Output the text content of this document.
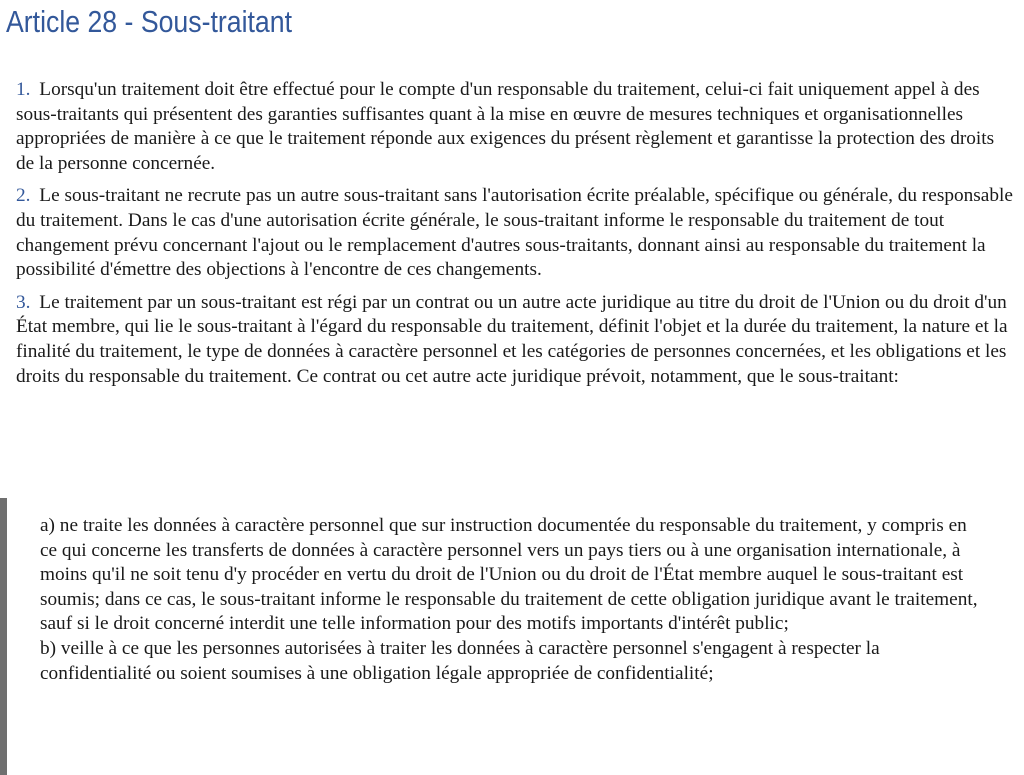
Article 28 - Sous-traitant

1. Lorsqu'un traitement doit être effectué pour le compte d'un responsable du traitement, celui-ci fait uniquement appel à des sous-traitants qui présentent des garanties suffisantes quant à la mise en œuvre de mesures techniques et organisationnelles appropriées de manière à ce que le traitement réponde aux exigences du présent règlement et garantisse la protection des droits de la personne concernée.

2. Le sous-traitant ne recrute pas un autre sous-traitant sans l'autorisation écrite préalable, spécifique ou générale, du responsable du traitement. Dans le cas d'une autorisation écrite générale, le sous-traitant informe le responsable du traitement de tout changement prévu concernant l'ajout ou le remplacement d'autres sous-traitants, donnant ainsi au responsable du traitement la possibilité d'émettre des objections à l'encontre de ces changements.

3. Le traitement par un sous-traitant est régi par un contrat ou un autre acte juridique au titre du droit de l'Union ou du droit d'un État membre, qui lie le sous-traitant à l'égard du responsable du traitement, définit l'objet et la durée du traitement, la nature et la finalité du traitement, le type de données à caractère personnel et les catégories de personnes concernées, et les obligations et les droits du responsable du traitement. Ce contrat ou cet autre acte juridique prévoit, notamment, que le sous-traitant:

a) ne traite les données à caractère personnel que sur instruction documentée du responsable du traitement, y compris en ce qui concerne les transferts de données à caractère personnel vers un pays tiers ou à une organisation internationale, à moins qu'il ne soit tenu d'y procéder en vertu du droit de l'Union ou du droit de l'État membre auquel le sous-traitant est soumis; dans ce cas, le sous-traitant informe le responsable du traitement de cette obligation juridique avant le traitement, sauf si le droit concerné interdit une telle information pour des motifs importants d'intérêt public;

b) veille à ce que les personnes autorisées à traiter les données à caractère personnel s'engagent à respecter la confidentialité ou soient soumises à une obligation légale appropriée de confidentialité;
